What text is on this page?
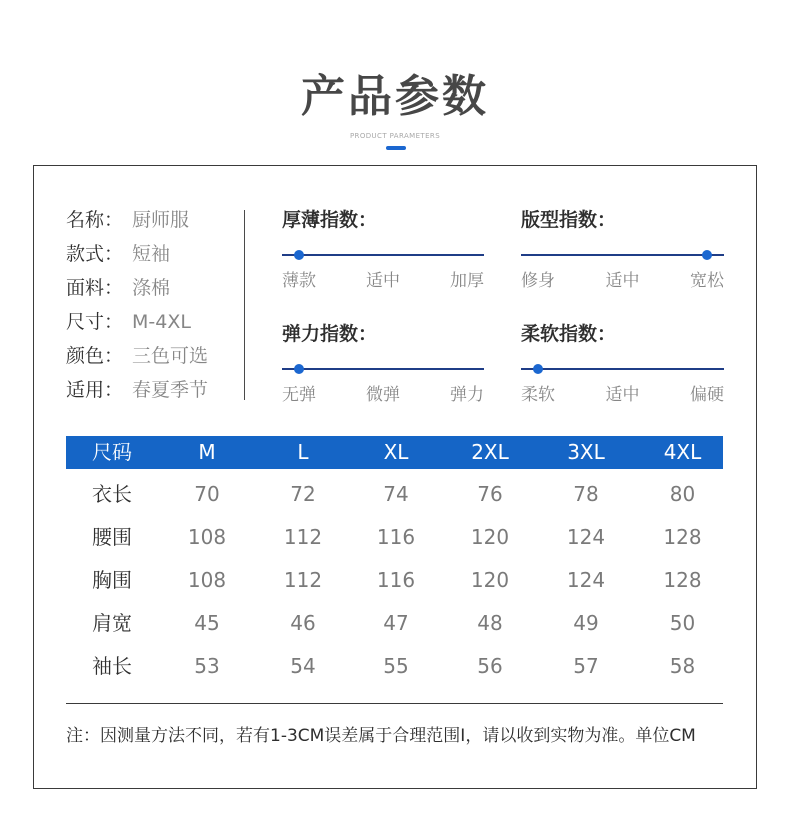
产品参数
PRODUCT PARAMETERS
名称： 厨师服
款式： 短袖
面料： 涤棉
尺寸： M-4XL
颜色： 三色可选
适用： 春夏季节
厚薄指数：
薄款	适中	加厚
版型指数：
修身	适中	宽松
弹力指数：
无弹	微弹	弹力
柔软指数：
柔软	适中	偏硬
尺码	M	L	XL	2XL	3XL	4XL
衣长	70	72	74	76	78	80
腰围	108	112	116	120	124	128
胸围	108	112	116	120	124	128
肩宽	45	46	47	48	49	50
袖长	53	54	55	56	57	58
注：因测量方法不同，若有1-3CM误差属于合理范围I，请以收到实物为准。单位CM
